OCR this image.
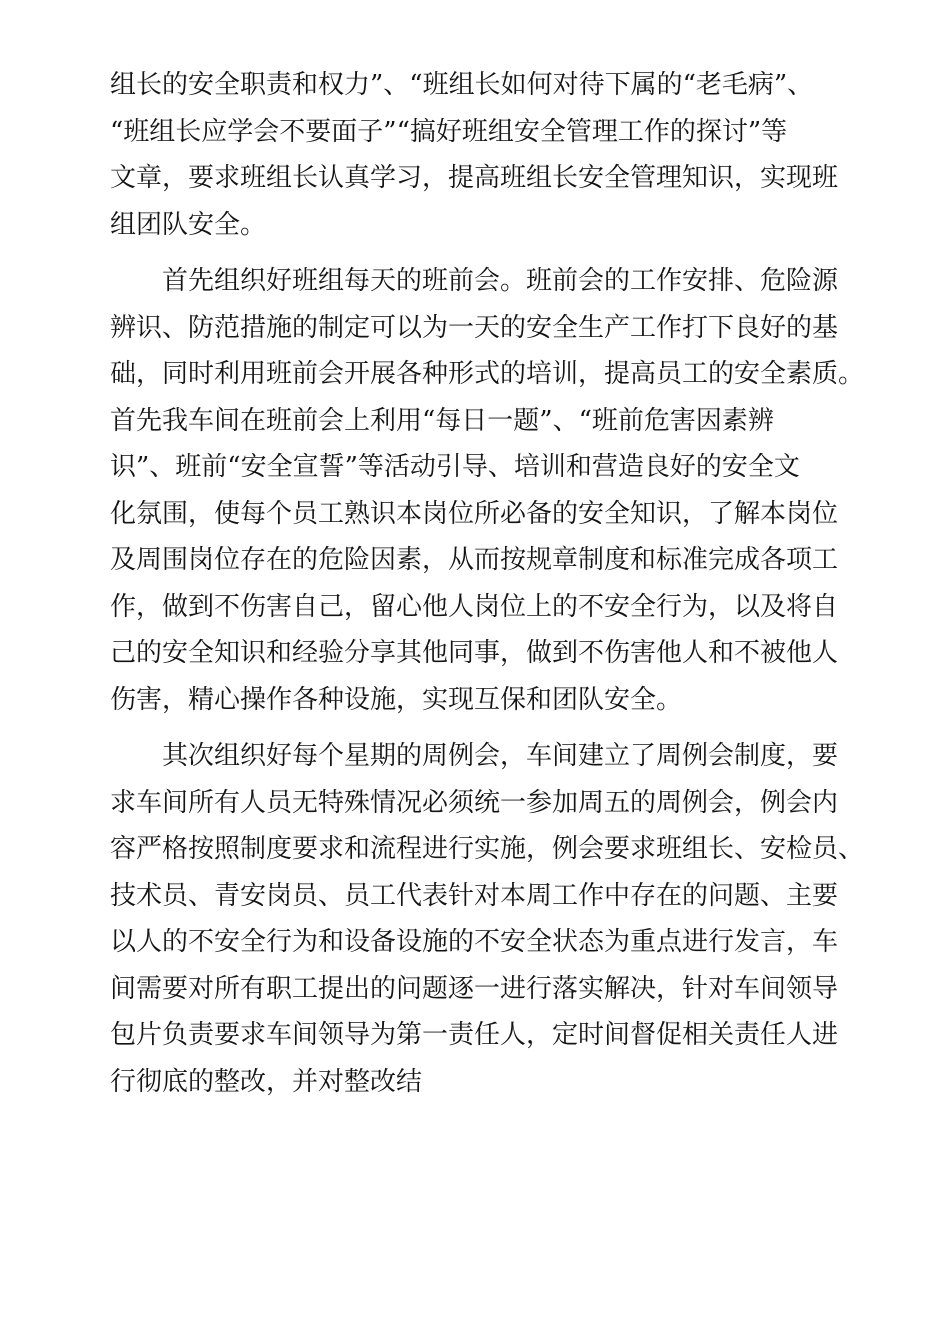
组长的安全职责和权力”、“班组长如何对待下属的“老毛病”、
“班组长应学会不要面子”“搞好班组安全管理工作的探讨”等
文章，要求班组长认真学习，提高班组长安全管理知识，实现班
组团队安全。
首先组织好班组每天的班前会。班前会的工作安排、危险源
辨识、防范措施的制定可以为一天的安全生产工作打下良好的基
础，同时利用班前会开展各种形式的培训，提高员工的安全素质。
首先我车间在班前会上利用“每日一题”、“班前危害因素辨
识”、班前“安全宣誓”等活动引导、培训和营造良好的安全文
化氛围，使每个员工熟识本岗位所必备的安全知识，了解本岗位
及周围岗位存在的危险因素，从而按规章制度和标准完成各项工
作，做到不伤害自己，留心他人岗位上的不安全行为，以及将自
己的安全知识和经验分享其他同事，做到不伤害他人和不被他人
伤害，精心操作各种设施，实现互保和团队安全。
其次组织好每个星期的周例会，车间建立了周例会制度，要
求车间所有人员无特殊情况必须统一参加周五的周例会，例会内
容严格按照制度要求和流程进行实施，例会要求班组长、安检员、
技术员、青安岗员、员工代表针对本周工作中存在的问题、主要
以人的不安全行为和设备设施的不安全状态为重点进行发言，车
间需要对所有职工提出的问题逐一进行落实解决，针对车间领导
包片负责要求车间领导为第一责任人，定时间督促相关责任人进
行彻底的整改，并对整改结
